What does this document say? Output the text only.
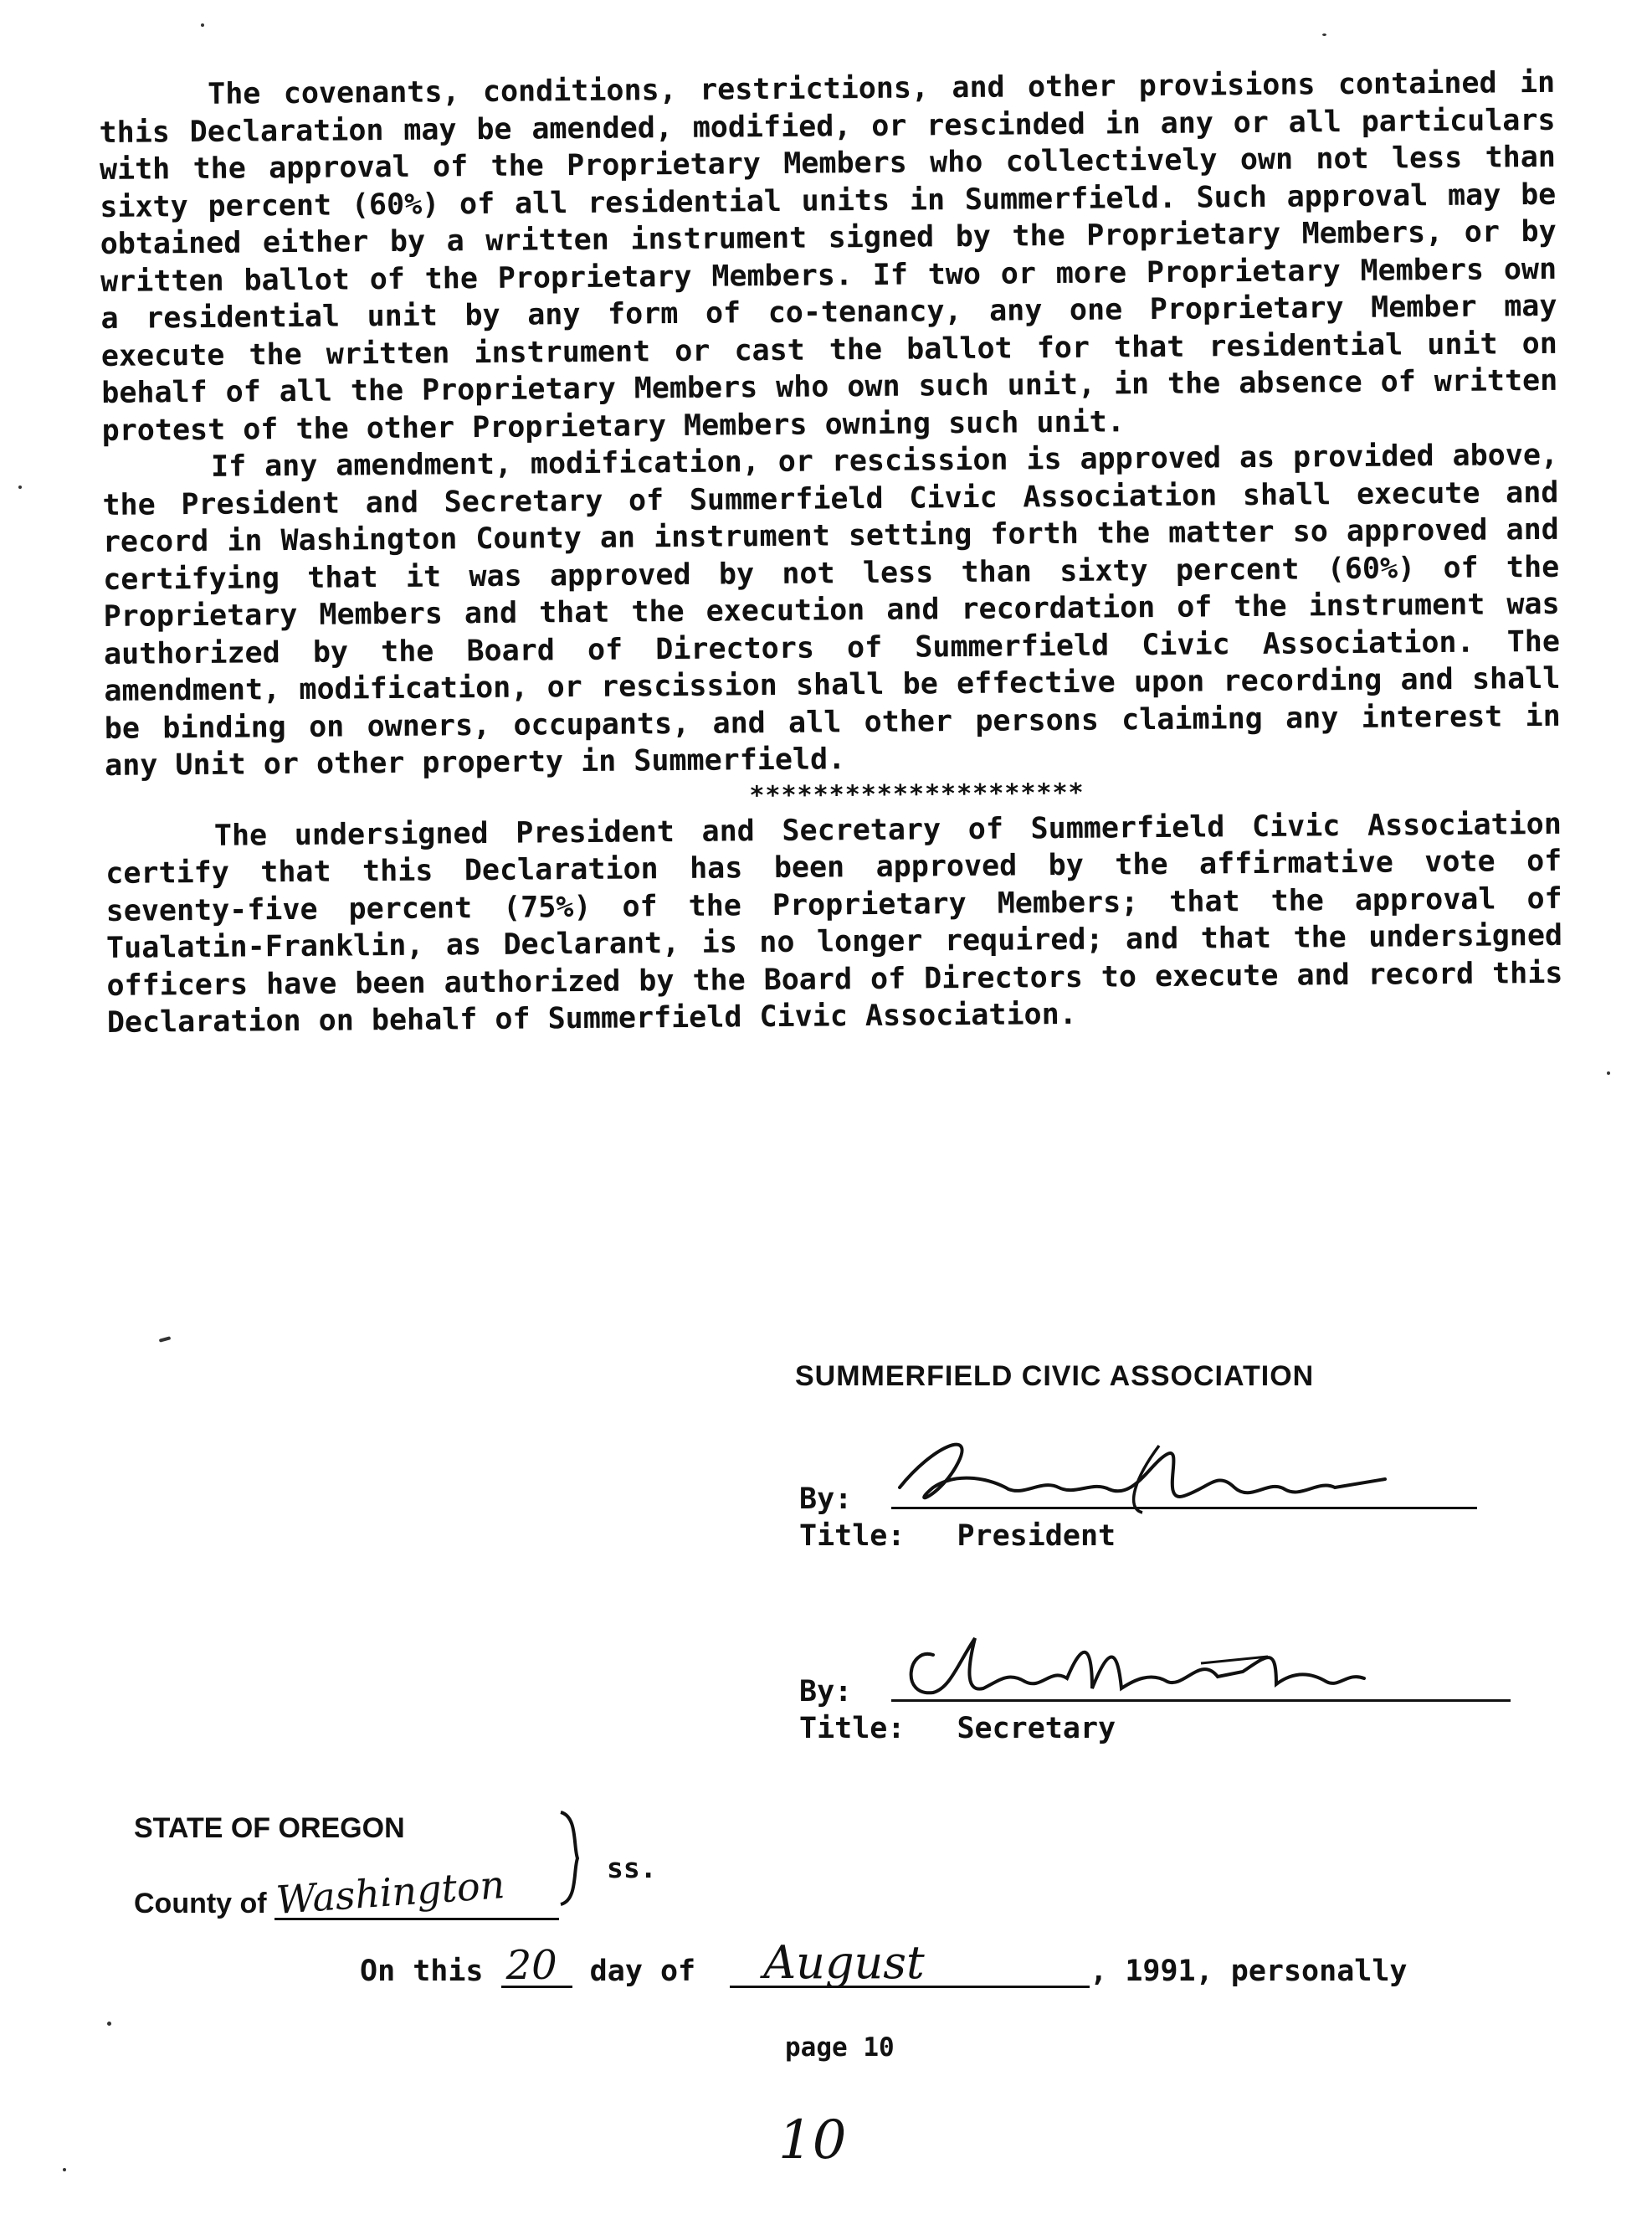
The covenants, conditions, restrictions, and other provisions contained in this Declaration may be amended, modified, or rescinded in any or all particulars with the approval of the Proprietary Members who collectively own not less than sixty percent (60%) of all residential units in Summerfield. Such approval may be obtained either by a written instrument signed by the Proprietary Members, or by written ballot of the Proprietary Members. If two or more Proprietary Members own a residential unit by any form of co-tenancy, any one Proprietary Member may execute the written instrument or cast the ballot for that residential unit on behalf of all the Proprietary Members who own such unit, in the absence of written protest of the other Proprietary Members owning such unit.

If any amendment, modification, or rescission is approved as provided above, the President and Secretary of Summerfield Civic Association shall execute and record in Washington County an instrument setting forth the matter so approved and certifying that it was approved by not less than sixty percent (60%) of the Proprietary Members and that the execution and recordation of the instrument was authorized by the Board of Directors of Summerfield Civic Association. The amendment, modification, or rescission shall be effective upon recording and shall be binding on owners, occupants, and all other persons claiming any interest in any Unit or other property in Summerfield.

*********************

The undersigned President and Secretary of Summerfield Civic Association certify that this Declaration has been approved by the affirmative vote of seventy-five percent (75%) of the Proprietary Members; that the approval of Tualatin-Franklin, as Declarant, is no longer required; and that the undersigned officers have been authorized by the Board of Directors to execute and record this Declaration on behalf of Summerfield Civic Association.

SUMMERFIELD CIVIC ASSOCIATION
By:
Title: President
By:
Title: Secretary
STATE OF OREGON
ss.
County of Washington
On this 20 day of August	, 1991, personally
page 10
10
